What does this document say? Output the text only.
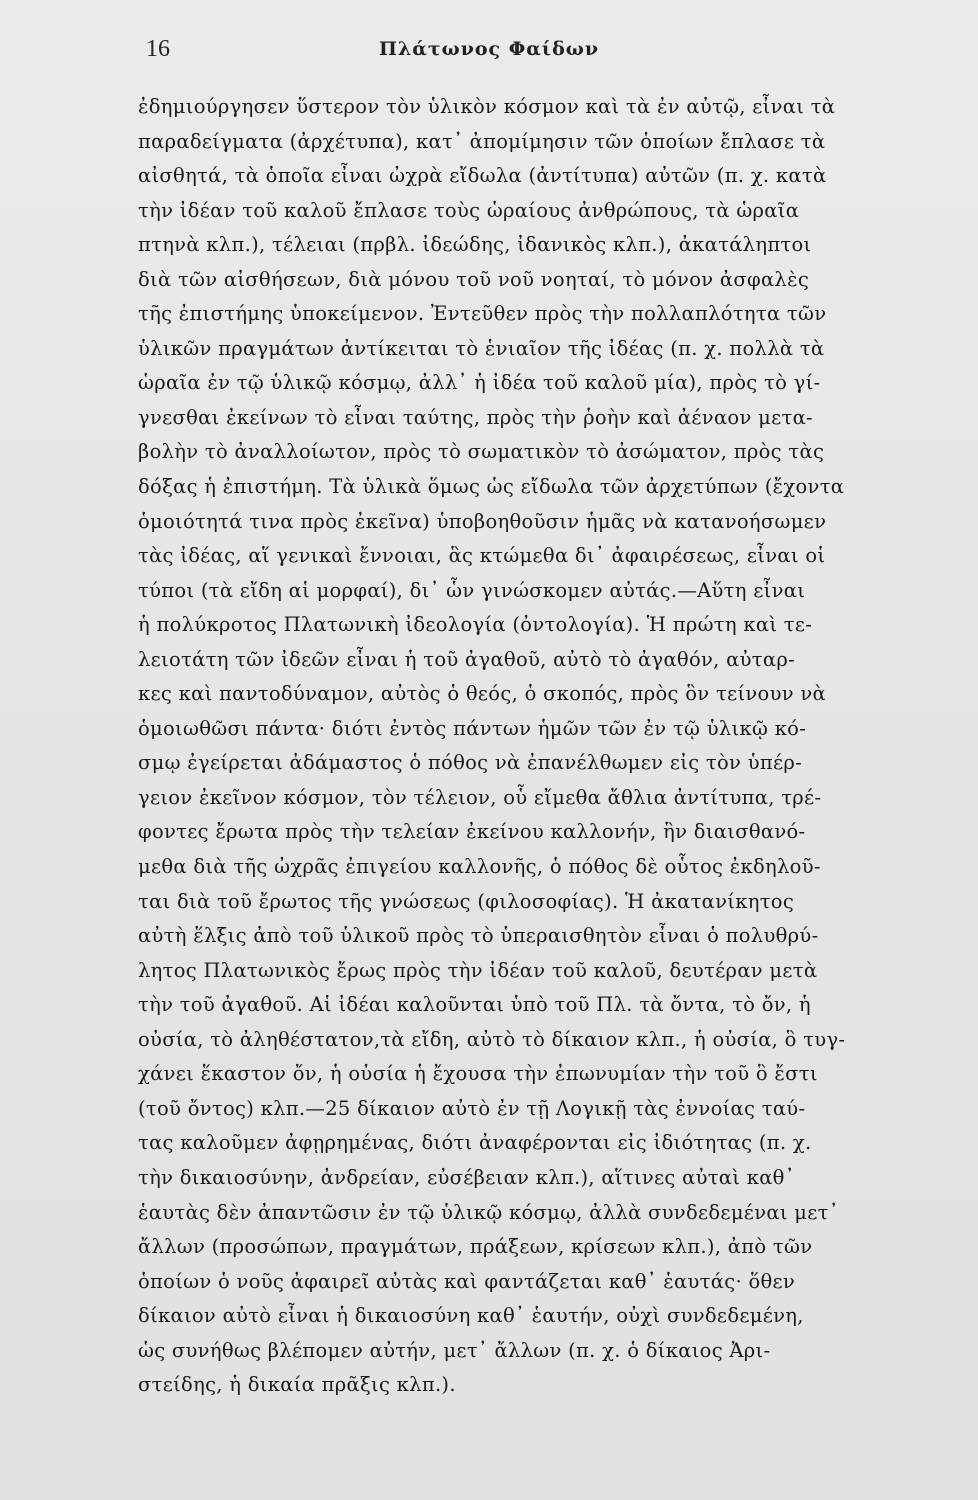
16	Πλάτωνος Φαίδων
ἐδημιούργησεν ὕστερον τὸν ὑλικὸν κόσμον καὶ τὰ ἐν αὐτῷ, εἶναι τὰ
παραδείγματα (ἀρχέτυπα), κατ᾽ ἀπομίμησιν τῶν ὁποίων ἔπλασε τὰ
αἰσθητά, τὰ ὁποῖα εἶναι ὠχρὰ εἴδωλα (ἀντίτυπα) αὐτῶν (π. χ. κατὰ
τὴν ἰδέαν τοῦ καλοῦ ἔπλασε τοὺς ὡραίους ἀνθρώπους, τὰ ὡραῖα
πτηνὰ κλπ.), τέλειαι (πρβλ. ἰδεώδης, ἰδανικὸς κλπ.), ἀκατάληπτοι
διὰ τῶν αἰσθήσεων, διὰ μόνου τοῦ νοῦ νοηταί, τὸ μόνον ἀσφαλὲς
τῆς ἐπιστήμης ὑποκείμενον. Ἐντεῦθεν πρὸς τὴν πολλαπλότητα τῶν
ὑλικῶν πραγμάτων ἀντίκειται τὸ ἑνιαῖον τῆς ἰδέας (π. χ. πολλὰ τὰ
ὡραῖα ἐν τῷ ὑλικῷ κόσμῳ, ἀλλ᾽ ἡ ἰδέα τοῦ καλοῦ μία), πρὸς τὸ γί-
γνεσθαι ἐκείνων τὸ εἶναι ταύτης, πρὸς τὴν ῥοὴν καὶ ἀέναον μετα-
βολὴν τὸ ἀναλλοίωτον, πρὸς τὸ σωματικὸν τὸ ἀσώματον, πρὸς τὰς
δόξας ἡ ἐπιστήμη. Τὰ ὑλικὰ ὅμως ὡς εἴδωλα τῶν ἀρχετύπων (ἔχοντα
ὁμοιότητά τινα πρὸς ἐκεῖνα) ὑποβοηθοῦσιν ἡμᾶς νὰ κατανοήσωμεν
τὰς ἰδέας, αἵ γενικαὶ ἔννοιαι, ἃς κτώμεθα δι᾽ ἀφαιρέσεως, εἶναι οἱ
τύποι (τὰ εἴδη αἱ μορφαί), δι᾽ ὧν γινώσκομεν αὐτάς.—Αὕτη εἶναι
ἡ πολύκροτος Πλατωνικὴ ἰδεολογία (ὀντολογία). Ἡ πρώτη καὶ τε-
λειοτάτη τῶν ἰδεῶν εἶναι ἡ τοῦ ἀγαθοῦ, αὐτὸ τὸ ἀγαθόν, αὐταρ-
κες καὶ παντοδύναμον, αὐτὸς ὁ θεός, ὁ σκοπός, πρὸς ὃν τείνουν νὰ
ὁμοιωθῶσι πάντα· διότι ἐντὸς πάντων ἡμῶν τῶν ἐν τῷ ὑλικῷ κό-
σμῳ ἐγείρεται ἀδάμαστος ὁ πόθος νὰ ἐπανέλθωμεν εἰς τὸν ὑπέρ-
γειον ἐκεῖνον κόσμον, τὸν τέλειον, οὗ εἴμεθα ἄθλια ἀντίτυπα, τρέ-
φοντες ἔρωτα πρὸς τὴν τελείαν ἐκείνου καλλονήν, ἣν διαισθανό-
μεθα διὰ τῆς ὠχρᾶς ἐπιγείου καλλονῆς, ὁ πόθος δὲ οὗτος ἐκδηλοῦ-
ται διὰ τοῦ ἔρωτος τῆς γνώσεως (φιλοσοφίας). Ἡ ἀκατανίκητος
αὐτὴ ἕλξις ἀπὸ τοῦ ὑλικοῦ πρὸς τὸ ὑπεραισθητὸν εἶναι ὁ πολυθρύ-
λητος Πλατωνικὸς ἔρως πρὸς τὴν ἰδέαν τοῦ καλοῦ, δευτέραν μετὰ
τὴν τοῦ ἀγαθοῦ. Αἱ ἰδέαι καλοῦνται ὑπὸ τοῦ Πλ. τὰ ὄντα, τὸ ὄν, ἡ
οὐσία, τὸ ἀληθέστατον,τὰ εἴδη, αὐτὸ τὸ δίκαιον κλπ., ἡ οὐσία, ὃ τυγ-
χάνει ἕκαστον ὄν, ἡ οὐσία ἡ ἔχουσα τὴν ἐπωνυμίαν τὴν τοῦ ὃ ἔστι
(τοῦ ὄντος) κλπ.—25 δίκαιον αὐτὸ ἐν τῇ Λογικῇ τὰς ἐννοίας ταύ-
τας καλοῦμεν ἀφῃρημένας, διότι ἀναφέρονται εἰς ἰδιότητας (π. χ.
τὴν δικαιοσύνην, ἀνδρείαν, εὐσέβειαν κλπ.), αἵτινες αὐταὶ καθ᾽
ἑαυτὰς δὲν ἀπαντῶσιν ἐν τῷ ὑλικῷ κόσμῳ, ἀλλὰ συνδεδεμέναι μετ᾽
ἄλλων (προσώπων, πραγμάτων, πράξεων, κρίσεων κλπ.), ἀπὸ τῶν
ὁποίων ὁ νοῦς ἀφαιρεῖ αὐτὰς καὶ φαντάζεται καθ᾽ ἑαυτάς· ὅθεν
δίκαιον αὐτὸ εἶναι ἡ δικαιοσύνη καθ᾽ ἑαυτήν, οὐχὶ συνδεδεμένη,
ὡς συνήθως βλέπομεν αὐτήν, μετ᾽ ἄλλων (π. χ. ὁ δίκαιος Ἀρι-
στείδης, ἡ δικαία πρᾶξις κλπ.).
